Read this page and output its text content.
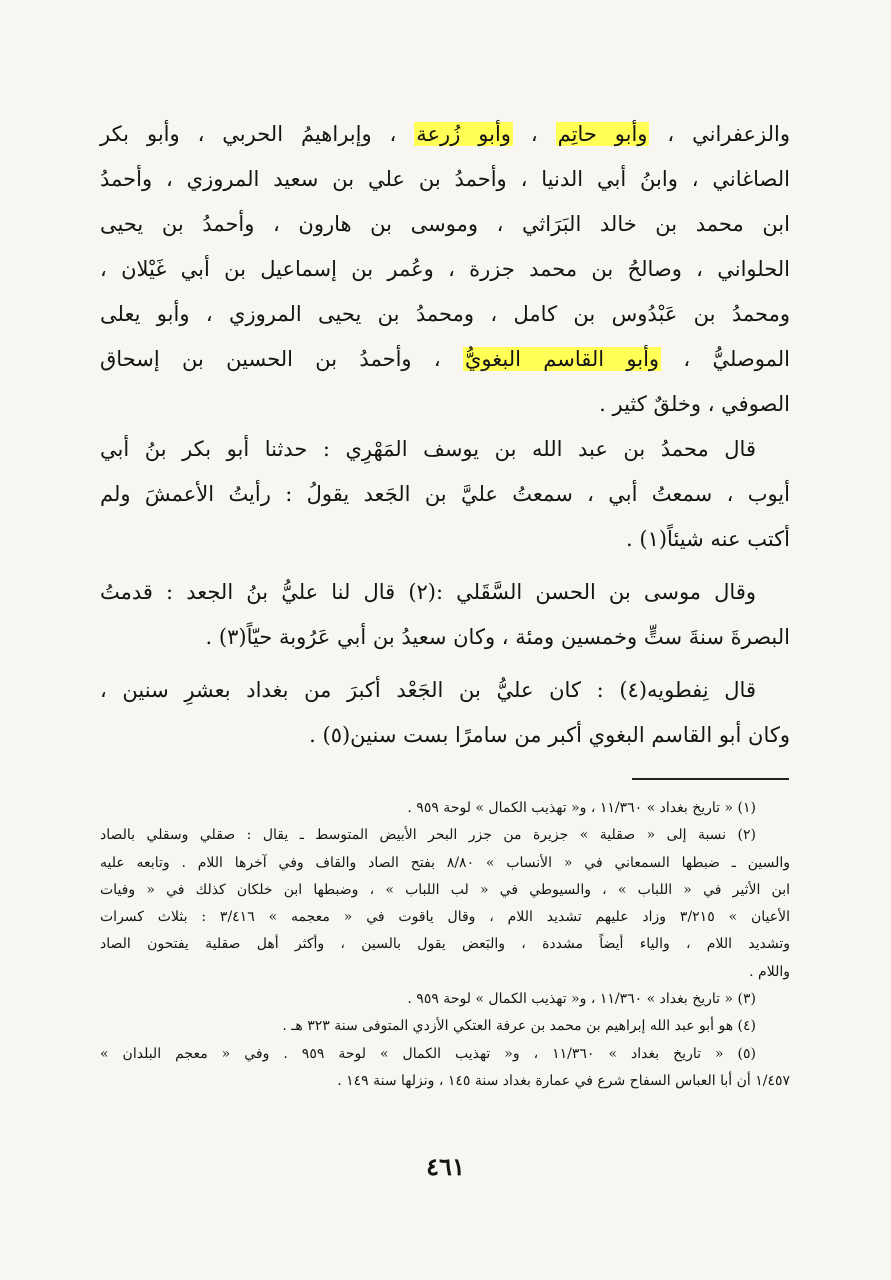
والزعفراني ، وأبو حاتِم ، وأبو زُرعة ، وإبراهيمُ الحربي ، وأبو بكر
الصاغاني ، وابنُ أبي الدنيا ، وأحمدُ بن علي بن سعيد المروزي ، وأحمدُ
ابن محمد بن خالد البَرَاثي ، وموسى بن هارون ، وأحمدُ بن يحيى
الحلواني ، وصالحُ بن محمد جزرة ، وعُمر بن إسماعيل بن أبي غَيْلان ،
ومحمدُ بن عَبْدُوس بن كامل ، ومحمدُ بن يحيى المروزي ، وأبو يعلى
الموصليُّ ، وأبو القاسم البغويُّ ، وأحمدُ بن الحسين بن إسحاق
الصوفي ، وخلقٌ كثير .
قال محمدُ بن عبد الله بن يوسف المَهْرِي : حدثنا أبو بكر بنُ أبي
أيوب ، سمعتُ أبي ، سمعتُ عليَّ بن الجَعد يقولُ : رأيتُ الأعمشَ ولم
أكتب عنه شيئاً(١) .
وقال موسى بن الحسن السَّقَلي :(٢) قال لنا عليُّ بنُ الجعد : قدمتُ
البصرةَ سنةَ ستٍّ وخمسين ومئة ، وكان سعيدُ بن أبي عَرُوبة حيّاً(٣) .
قال نِفطويه(٤) : كان عليُّ بن الجَعْد أكبرَ من بغداد بعشرِ سنين ،
وكان أبو القاسم البغوي أكبر من سامرًا بست سنين(٥) .
(١) « تاريخ بغداد » ١١/٣٦٠ ، و« تهذيب الكمال » لوحة ٩٥٩ .
(٢) نسبة إلى « صقلية » جزيرة من جزر البحر الأبيض المتوسط ـ يقال : صقلي وسقلي بالصاد
والسين ـ ضبطها السمعاني في « الأنساب » ٨/٨٠ بفتح الصاد والقاف وفي آخرها اللام . وتابعه عليه
ابن الأثير في « اللباب » ، والسيوطي في « لب اللباب » ، وضبطها ابن خلكان كذلك في « وفيات
الأعيان » ٣/٢١٥ وزاد عليهم تشديد اللام ، وقال ياقوت في « معجمه » ٣/٤١٦ : بثلاث كسرات
وتشديد اللام ، والياء أيضاً مشددة ، والبَعض يقول بالسين ، وأكثر أهل صقلية يفتحون الصاد
واللام .
(٣) « تاريخ بغداد » ١١/٣٦٠ ، و« تهذيب الكمال » لوحة ٩٥٩ .
(٤) هو أبو عبد الله إبراهيم بن محمد بن عرفة العتكي الأزدي المتوفى سنة ٣٢٣ هـ .
(٥) « تاريخ بغداد » ١١/٣٦٠ ، و« تهذيب الكمال » لوحة ٩٥٩ . وفي « معجم البلدان »
١/٤٥٧ أن أبا العباس السفاح شرع في عمارة بغداد سنة ١٤٥ ، ونزلها سنة ١٤٩ .
٤٦١
